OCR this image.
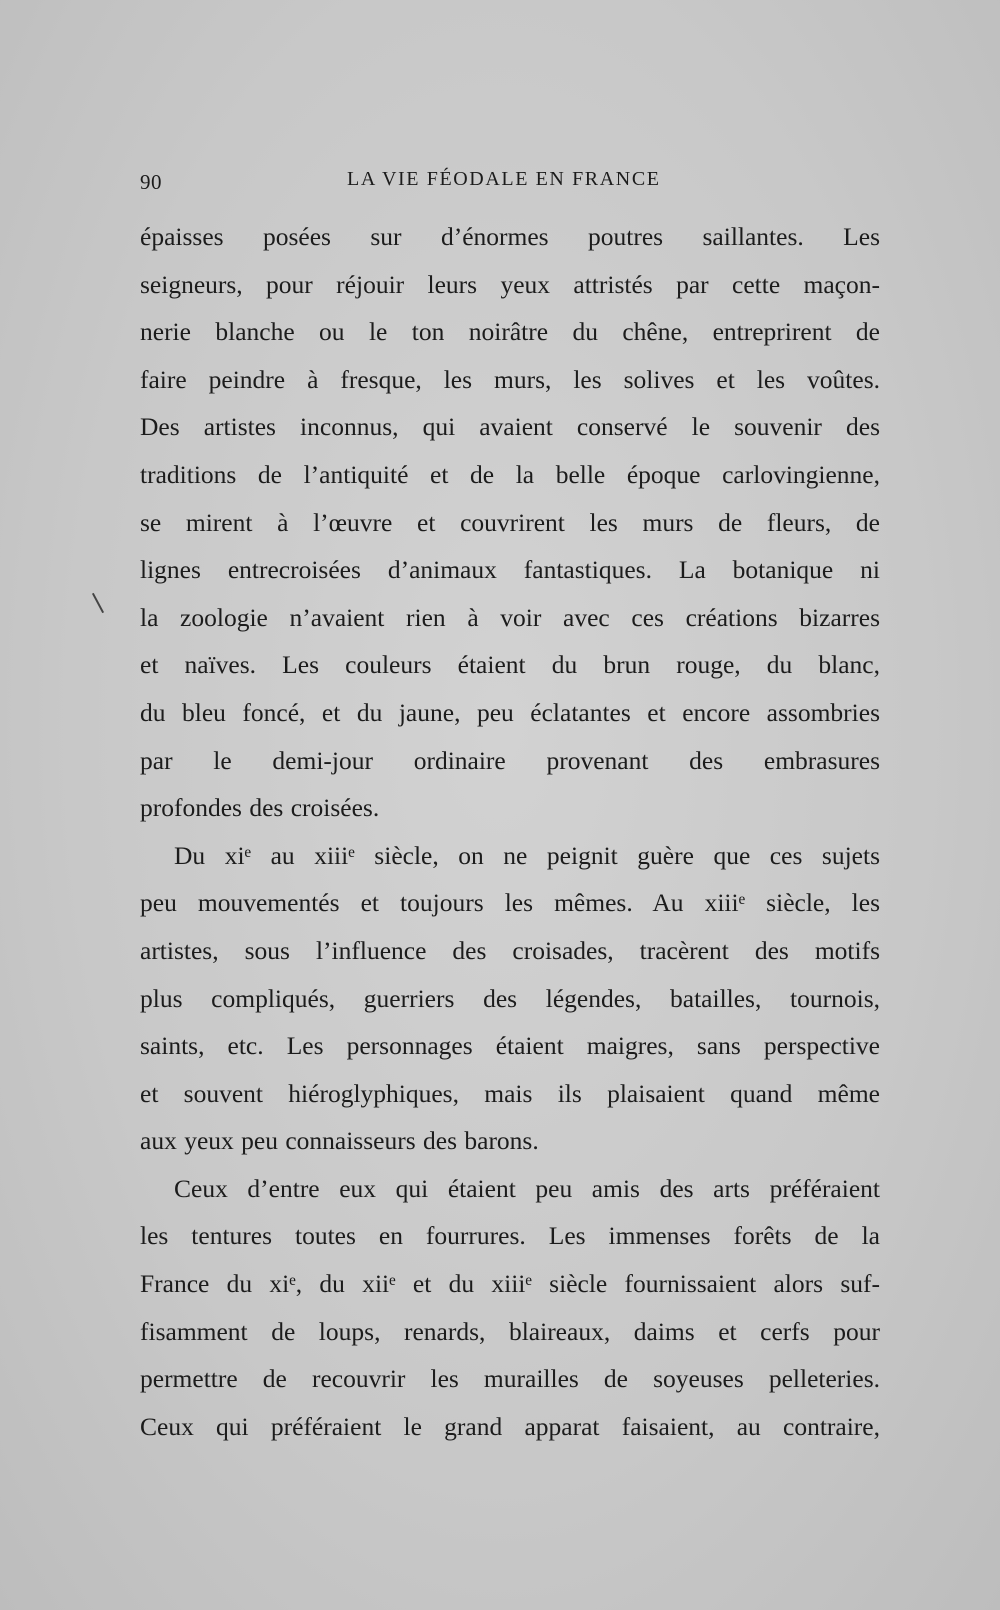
90	LA VIE FÉODALE EN FRANCE
épaisses posées sur d’énormes poutres saillantes. Les
seigneurs, pour réjouir leurs yeux attristés par cette maçon-
nerie blanche ou le ton noirâtre du chêne, entreprirent de
faire peindre à fresque, les murs, les solives et les voûtes.
Des artistes inconnus, qui avaient conservé le souvenir des
traditions de l’antiquité et de la belle époque carlovingienne,
se mirent à l’œuvre et couvrirent les murs de fleurs, de
lignes entrecroisées d’animaux fantastiques. La botanique ni
la zoologie n’avaient rien à voir avec ces créations bizarres
et naïves. Les couleurs étaient du brun rouge, du blanc,
du bleu foncé, et du jaune, peu éclatantes et encore assombries
par le demi-jour ordinaire provenant des embrasures
profondes des croisées.
Du xiᵉ au xiiiᵉ siècle, on ne peignit guère que ces sujets
peu mouvementés et toujours les mêmes. Au xiiiᵉ siècle, les
artistes, sous l’influence des croisades, tracèrent des motifs
plus compliqués, guerriers des légendes, batailles, tournois,
saints, etc. Les personnages étaient maigres, sans perspective
et souvent hiéroglyphiques, mais ils plaisaient quand même
aux yeux peu connaisseurs des barons.
Ceux d’entre eux qui étaient peu amis des arts préféraient
les tentures toutes en fourrures. Les immenses forêts de la
France du xiᵉ, du xiiᵉ et du xiiiᵉ siècle fournissaient alors suf-
fisamment de loups, renards, blaireaux, daims et cerfs pour
permettre de recouvrir les murailles de soyeuses pelleteries.
Ceux qui préféraient le grand apparat faisaient, au contraire,
